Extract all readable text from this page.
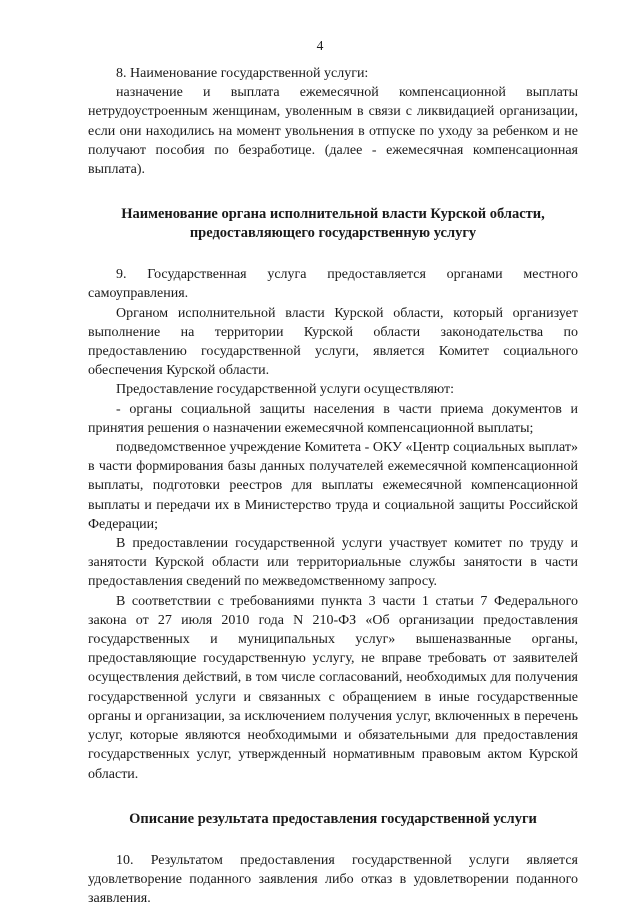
4

8. Наименование государственной услуги:

назначение и выплата ежемесячной компенсационной выплаты нетрудоустроенным женщинам, уволенным в связи с ликвидацией организации, если они находились на момент увольнения в отпуске по уходу за ребенком и не получают пособия по безработице. (далее - ежемесячная компенсационная выплата).

Наименование органа исполнительной власти Курской области, предоставляющего государственную услугу

9. Государственная услуга предоставляется органами местного самоуправления.

Органом исполнительной власти Курской области, который организует выполнение на территории Курской области законодательства по предоставлению государственной услуги, является Комитет социального обеспечения Курской области.

Предоставление государственной услуги осуществляют:

- органы социальной защиты населения в части приема документов и принятия решения о назначении ежемесячной компенсационной выплаты;

подведомственное учреждение Комитета - ОКУ «Центр социальных выплат» в части формирования базы данных получателей ежемесячной компенсационной выплаты, подготовки реестров для выплаты ежемесячной компенсационной выплаты и передачи их в Министерство труда и социальной защиты Российской Федерации;

В предоставлении государственной услуги участвует комитет по труду и занятости Курской области или территориальные службы занятости в части предоставления сведений по межведомственному запросу.

В соответствии с требованиями пункта 3 части 1 статьи 7 Федерального закона от 27 июля 2010 года N 210-ФЗ «Об организации предоставления государственных и муниципальных услуг» вышеназванные органы, предоставляющие государственную услугу, не вправе требовать от заявителей осуществления действий, в том числе согласований, необходимых для получения государственной услуги и связанных с обращением в иные государственные органы и организации, за исключением получения услуг, включенных в перечень услуг, которые являются необходимыми и обязательными для предоставления государственных услуг, утвержденный нормативным правовым актом Курской области.

Описание результата предоставления государственной услуги

10. Результатом предоставления государственной услуги является удовлетворение поданного заявления либо отказ в удовлетворении поданного заявления.
